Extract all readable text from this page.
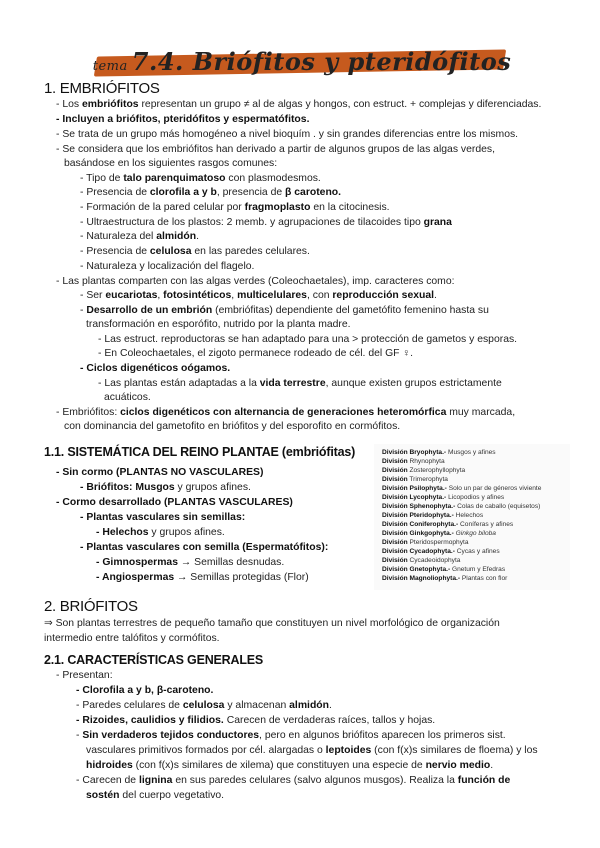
tema 7.4. Briófitos y pteridófitos
1. EMBRIÓFITOS
- Los embriófitos representan un grupo ≠ al de algas y hongos, con estruct. + complejas y diferenciadas.
- Incluyen a briófitos, pteridófitos y espermatófitos.
- Se trata de un grupo más homogéneo a nivel bioquím . y sin grandes diferencias entre los mismos.
- Se considera que los embriófitos han derivado a partir de algunos grupos de las algas verdes,
basándose en los siguientes rasgos comunes:
- Tipo de talo parenquimatoso con plasmodesmos.
- Presencia de clorofila a y b, presencia de β caroteno.
- Formación de la pared celular por fragmoplasto en la citocinesis.
- Ultraestructura de los plastos: 2 memb. y agrupaciones de tilacoides tipo grana
- Naturaleza del almidón.
- Presencia de celulosa en las paredes celulares.
- Naturaleza y localización del flagelo.
- Las plantas comparten con las algas verdes (Coleochaetales), imp. caracteres como:
- Ser eucariotas, fotosintéticos, multicelulares, con reproducción sexual.
- Desarrollo de un embrión (embriófitas) dependiente del gametófito femenino hasta su
transformación en esporófito, nutrido por la planta madre.
- Las estruct. reproductoras se han adaptado para una > protección de gametos y esporas.
- En Coleochaetales, el zigoto permanece rodeado de cél. del GF ♀.
- Ciclos digenéticos oógamos.
- Las plantas están adaptadas a la vida terrestre, aunque existen grupos estrictamente
acuáticos.
- Embriófitos: ciclos digenéticos con alternancia de generaciones heteromórfica muy marcada,
con dominancia del gametofito en briófitos y del esporofito en cormófitos.
1.1. SISTEMÁTICA DEL REINO PLANTAE (embriófitas)
- Sin cormo (PLANTAS NO VASCULARES)
- Briófitos: Musgos y grupos afines.
- Cormo desarrollado (PLANTAS VASCULARES)
- Plantas vasculares sin semillas:
- Helechos y grupos afines.
- Plantas vasculares con semilla (Espermatófitos):
- Gimnospermas → Semillas desnudas.
- Angiospermas → Semillas protegidas (Flor)
División Bryophyta.- Musgos y afines
División Rhynophyta
División Zosterophyllophyta
División Trimerophyta
División Psilophyta.- Solo un par de géneros viviente
División Lycophyta.- Licopodios y afines
División Sphenophyta.- Colas de caballo (equisetos)
División Pteridophyta.- Helechos
División Coniferophyta.- Coníferas y afines
División Ginkgophyta.- Ginkgo biloba
División Pteridospermophyta
División Cycadophyta.- Cycas y afines
División Cycadeoidophyta
División Gnetophyta.- Gnetum y Efedras
División Magnoliophyta.- Plantas con flor
2. BRIÓFITOS
⇒ Son plantas terrestres de pequeño tamaño que constituyen un nivel morfológico de organización
intermedio entre talófitos y cormófitos.
2.1. CARACTERÍSTICAS GENERALES
- Presentan:
- Clorofila a y b, β-caroteno.
- Paredes celulares de celulosa y almacenan almidón.
- Rizoides, caulidios y filidios. Carecen de verdaderas raíces, tallos y hojas.
- Sin verdaderos tejidos conductores, pero en algunos briófitos aparecen los primeros sist.
vasculares primitivos formados por cél. alargadas o leptoides (con f(x)s similares de floema) y los
hidroides (con f(x)s similares de xilema) que constituyen una especie de nervio medio.
- Carecen de lignina en sus paredes celulares (salvo algunos musgos). Realiza la función de
sostén del cuerpo vegetativo.
